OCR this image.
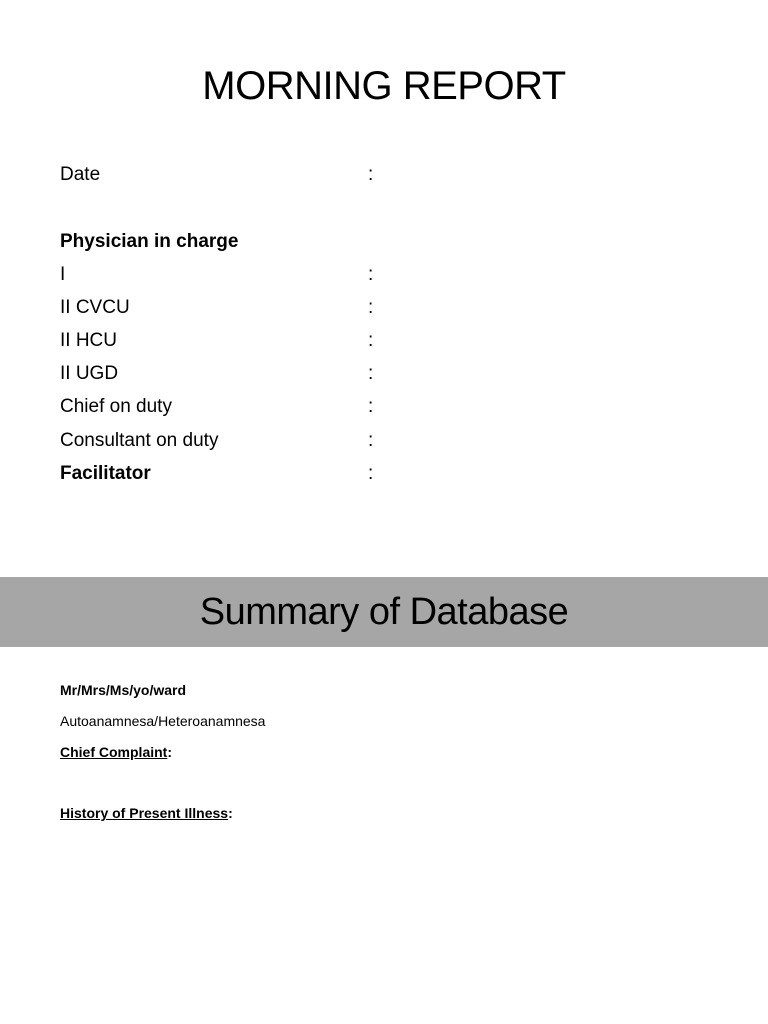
MORNING REPORT
Date	:
Physician in charge
I	:
II CVCU	:
II HCU	:
II UGD	:
Chief on duty	:
Consultant on duty	:
Facilitator	:
Summary of Database
Mr/Mrs/Ms/yo/ward
Autoanamnesa/Heteroanamnesa
Chief Complaint:
History of Present Illness:
